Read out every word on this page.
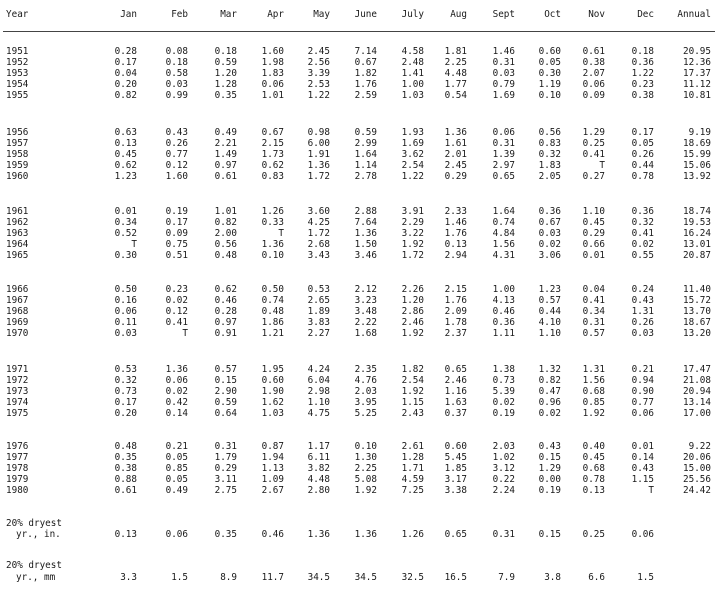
Year	Jan	Feb	Mar	Apr	May	June	July	Aug	Sept	Oct	Nov	Dec	Annual
1951	0.28	0.08	0.18	1.60	2.45	7.14	4.58	1.81	1.46	0.60	0.61	0.18	20.95
1952	0.17	0.18	0.59	1.98	2.56	0.67	2.48	2.25	0.31	0.05	0.38	0.36	12.36
1953	0.04	0.58	1.20	1.83	3.39	1.82	1.41	4.48	0.03	0.30	2.07	1.22	17.37
1954	0.20	0.03	1.28	0.06	2.53	1.76	1.00	1.77	0.79	1.19	0.06	0.23	11.12
1955	0.82	0.99	0.35	1.01	1.22	2.59	1.03	0.54	1.69	0.10	0.09	0.38	10.81
1956	0.63	0.43	0.49	0.67	0.98	0.59	1.93	1.36	0.06	0.56	1.29	0.17	9.19
1957	0.13	0.26	2.21	2.15	6.00	2.99	1.69	1.61	0.31	0.83	0.25	0.05	18.69
1958	0.45	0.77	1.49	1.73	1.91	1.64	3.62	2.01	1.39	0.32	0.41	0.26	15.99
1959	0.62	0.12	0.97	0.62	1.36	1.14	2.54	2.45	2.97	1.83	T	0.44	15.06
1960	1.23	1.60	0.61	0.83	1.72	2.78	1.22	0.29	0.65	2.05	0.27	0.78	13.92
1961	0.01	0.19	1.01	1.26	3.60	2.88	3.91	2.33	1.64	0.36	1.10	0.36	18.74
1962	0.34	0.17	0.82	0.33	4.25	7.64	2.29	1.46	0.74	0.67	0.45	0.32	19.53
1963	0.52	0.09	2.00	T	1.72	1.36	3.22	1.76	4.84	0.03	0.29	0.41	16.24
1964	T	0.75	0.56	1.36	2.68	1.50	1.92	0.13	1.56	0.02	0.66	0.02	13.01
1965	0.30	0.51	0.48	0.10	3.43	3.46	1.72	2.94	4.31	3.06	0.01	0.55	20.87
1966	0.50	0.23	0.62	0.50	0.53	2.12	2.26	2.15	1.00	1.23	0.04	0.24	11.40
1967	0.16	0.02	0.46	0.74	2.65	3.23	1.20	1.76	4.13	0.57	0.41	0.43	15.72
1968	0.06	0.12	0.28	0.48	1.89	3.48	2.86	2.09	0.46	0.44	0.34	1.31	13.70
1969	0.11	0.41	0.97	1.86	3.83	2.22	2.46	1.78	0.36	4.10	0.31	0.26	18.67
1970	0.03	T	0.91	1.21	2.27	1.68	1.92	2.37	1.11	1.10	0.57	0.03	13.20
1971	0.53	1.36	0.57	1.95	4.24	2.35	1.82	0.65	1.38	1.32	1.31	0.21	17.47
1972	0.32	0.06	0.15	0.60	6.04	4.76	2.54	2.46	0.73	0.82	1.56	0.94	21.08
1973	0.73	0.02	2.90	1.90	2.98	2.03	1.92	1.16	5.39	0.47	0.68	0.90	20.94
1974	0.17	0.42	0.59	1.62	1.10	3.95	1.15	1.63	0.02	0.96	0.85	0.77	13.14
1975	0.20	0.14	0.64	1.03	4.75	5.25	2.43	0.37	0.19	0.02	1.92	0.06	17.00
1976	0.48	0.21	0.31	0.87	1.17	0.10	2.61	0.60	2.03	0.43	0.40	0.01	9.22
1977	0.35	0.05	1.79	1.94	6.11	1.30	1.28	5.45	1.02	0.15	0.45	0.14	20.06
1978	0.38	0.85	0.29	1.13	3.82	2.25	1.71	1.85	3.12	1.29	0.68	0.43	15.00
1979	0.88	0.05	3.11	1.09	4.48	5.08	4.59	3.17	0.22	0.00	0.78	1.15	25.56
1980	0.61	0.49	2.75	2.67	2.80	1.92	7.25	3.38	2.24	0.19	0.13	T	24.42
20% dryest
yr., in.	0.13	0.06	0.35	0.46	1.36	1.36	1.26	0.65	0.31	0.15	0.25	0.06
20% dryest
yr., mm	3.3	1.5	8.9	11.7	34.5	34.5	32.5	16.5	7.9	3.8	6.6	1.5
